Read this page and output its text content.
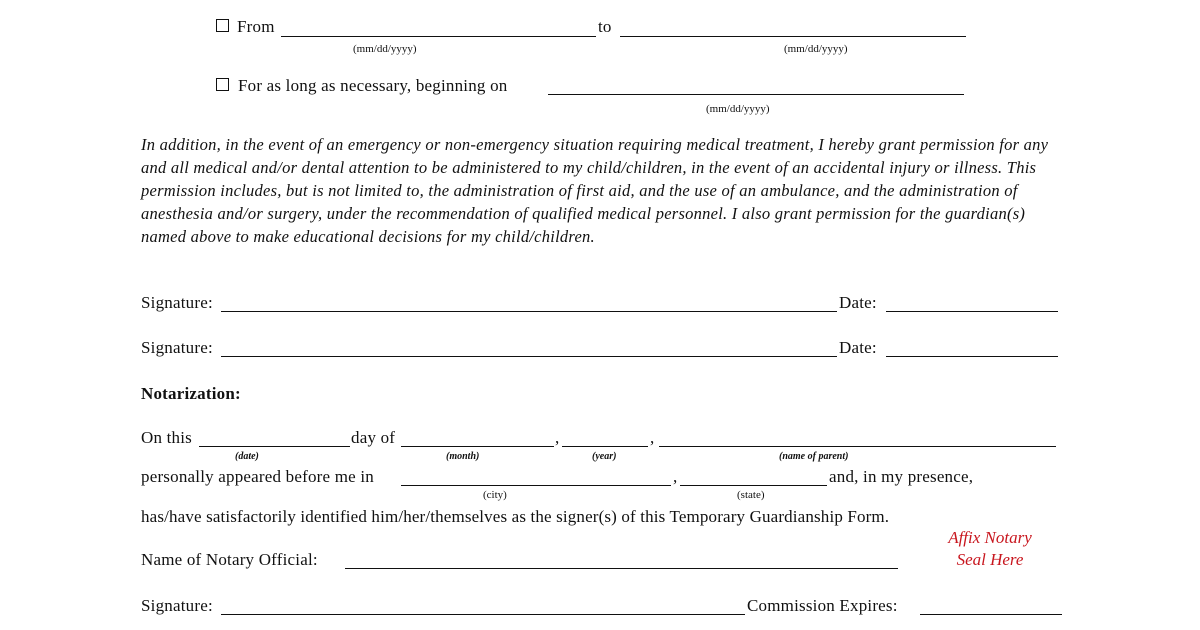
From	to
(mm/dd/yyyy)	(mm/dd/yyyy)
For as long as necessary, beginning on
(mm/dd/yyyy)
In addition, in the event of an emergency or non-emergency situation requiring medical treatment, I hereby grant permission for any and all medical and/or dental attention to be administered to my child/children, in the event of an accidental injury or illness. This permission includes, but is not limited to, the administration of first aid, and the use of an ambulance, and the administration of anesthesia and/or surgery, under the recommendation of qualified medical personnel. I also grant permission for the guardian(s) named above to make educational decisions for my child/children.
Signature:	Date:
Signature:	Date:
Notarization:
On this	day of	,	,
(date)	(month)	(year)	(name of parent)
personally appeared before me in	,	and, in my presence,
(city)	(state)
has/have satisfactorily identified him/her/themselves as the signer(s) of this Temporary Guardianship Form.
Name of Notary Official:
Affix Notary
Seal Here
Signature:	Commission Expires:
